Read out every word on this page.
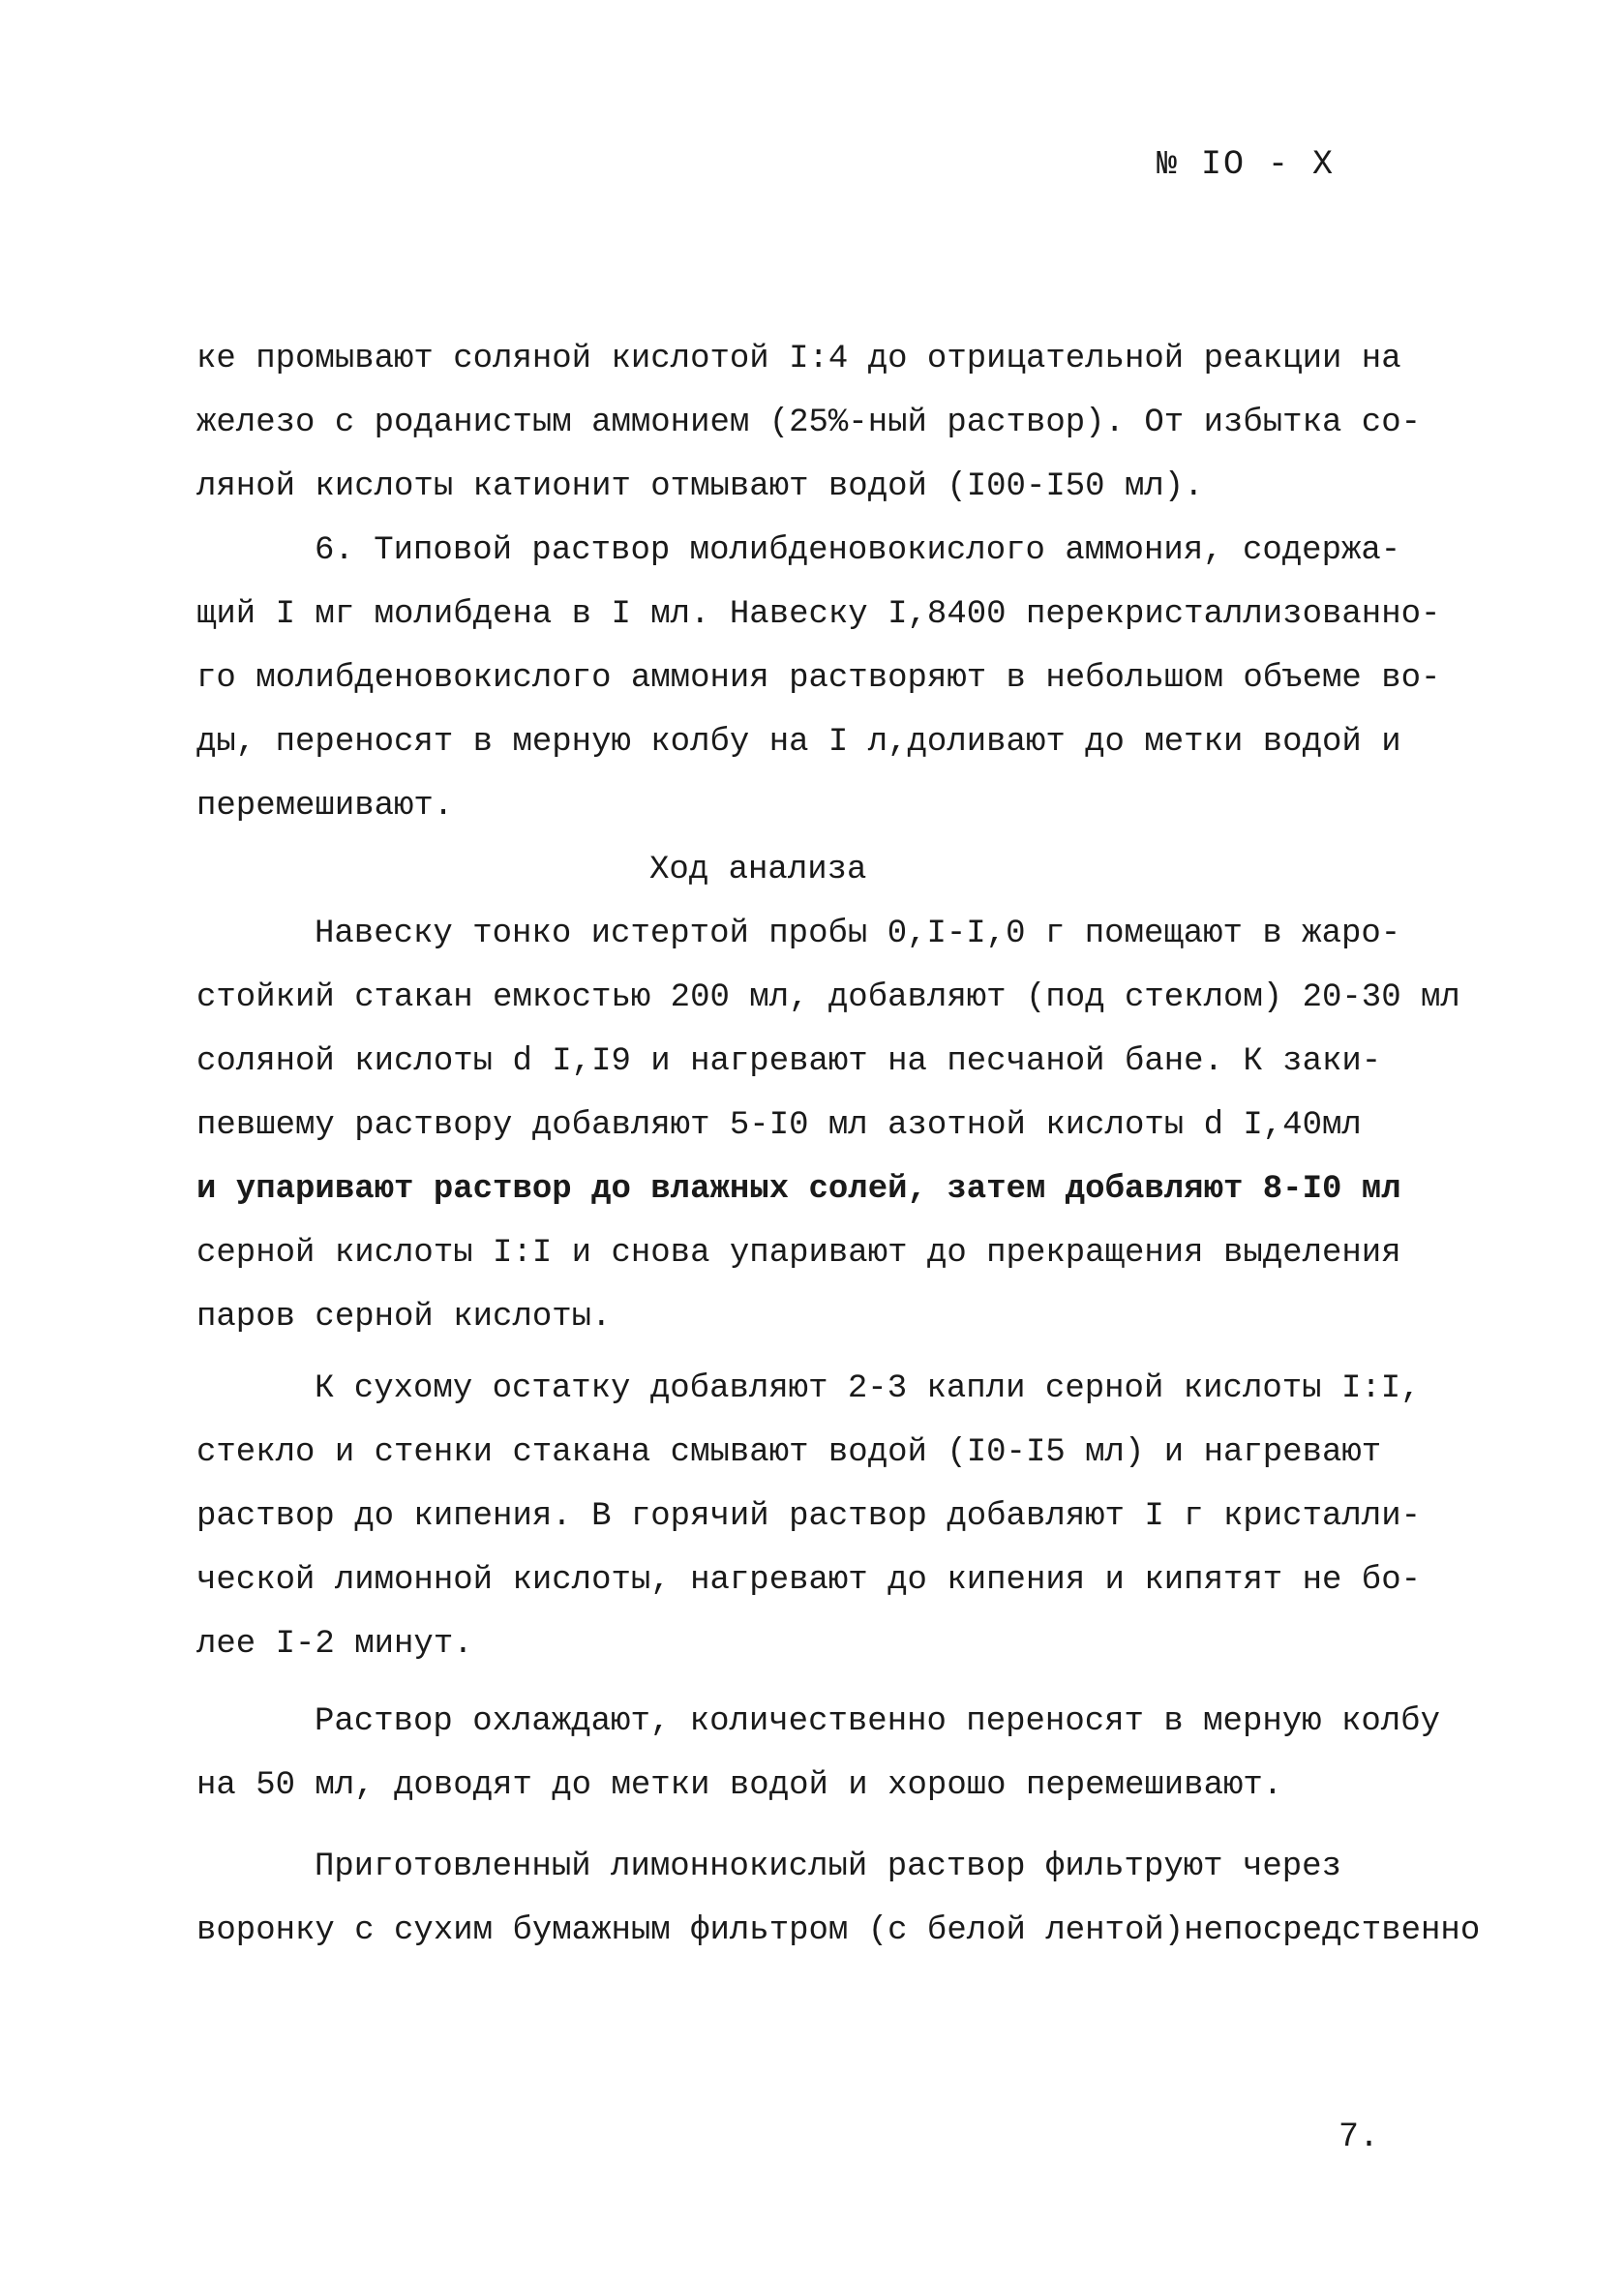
№ IO - X
ке промывают соляной кислотой I:4 до отрицательной реакции на
железо с роданистым аммонием (25%-ный раствор). От избытка со-
ляной кислоты катионит отмывают водой (I00-I50 мл).
6. Типовой раствор молибденовокислого аммония, содержа-
щий I мг молибдена в I мл. Навеску I,8400 перекристаллизованно-
го молибденовокислого аммония растворяют в небольшом объеме во-
ды, переносят в мерную колбу на I л,доливают до метки водой и
перемешивают.
Ход анализа
Навеску тонко истертой пробы 0,I-I,0 г помещают в жаро-
стойкий стакан емкостью 200 мл, добавляют (под стеклом) 20-30 мл
соляной кислоты d I,I9 и нагревают на песчаной бане. К заки-
певшему раствору добавляют 5-I0 мл азотной кислоты d I,40мл
и упаривают раствор до влажных солей, затем добавляют 8-I0 мл
серной кислоты I:I и снова упаривают до прекращения выделения
паров серной кислоты.
К сухому остатку добавляют 2-3 капли серной кислоты I:I,
стекло и стенки стакана смывают водой (I0-I5 мл) и нагревают
раствор до кипения. В горячий раствор добавляют I г кристалли-
ческой лимонной кислоты, нагревают до кипения и кипятят не бо-
лее I-2 минут.
Раствор охлаждают, количественно переносят в мерную колбу
на 50 мл, доводят до метки водой и хорошо перемешивают.
Приготовленный лимоннокислый раствор фильтруют через
воронку с сухим бумажным фильтром (с белой лентой)непосредственно
7.
